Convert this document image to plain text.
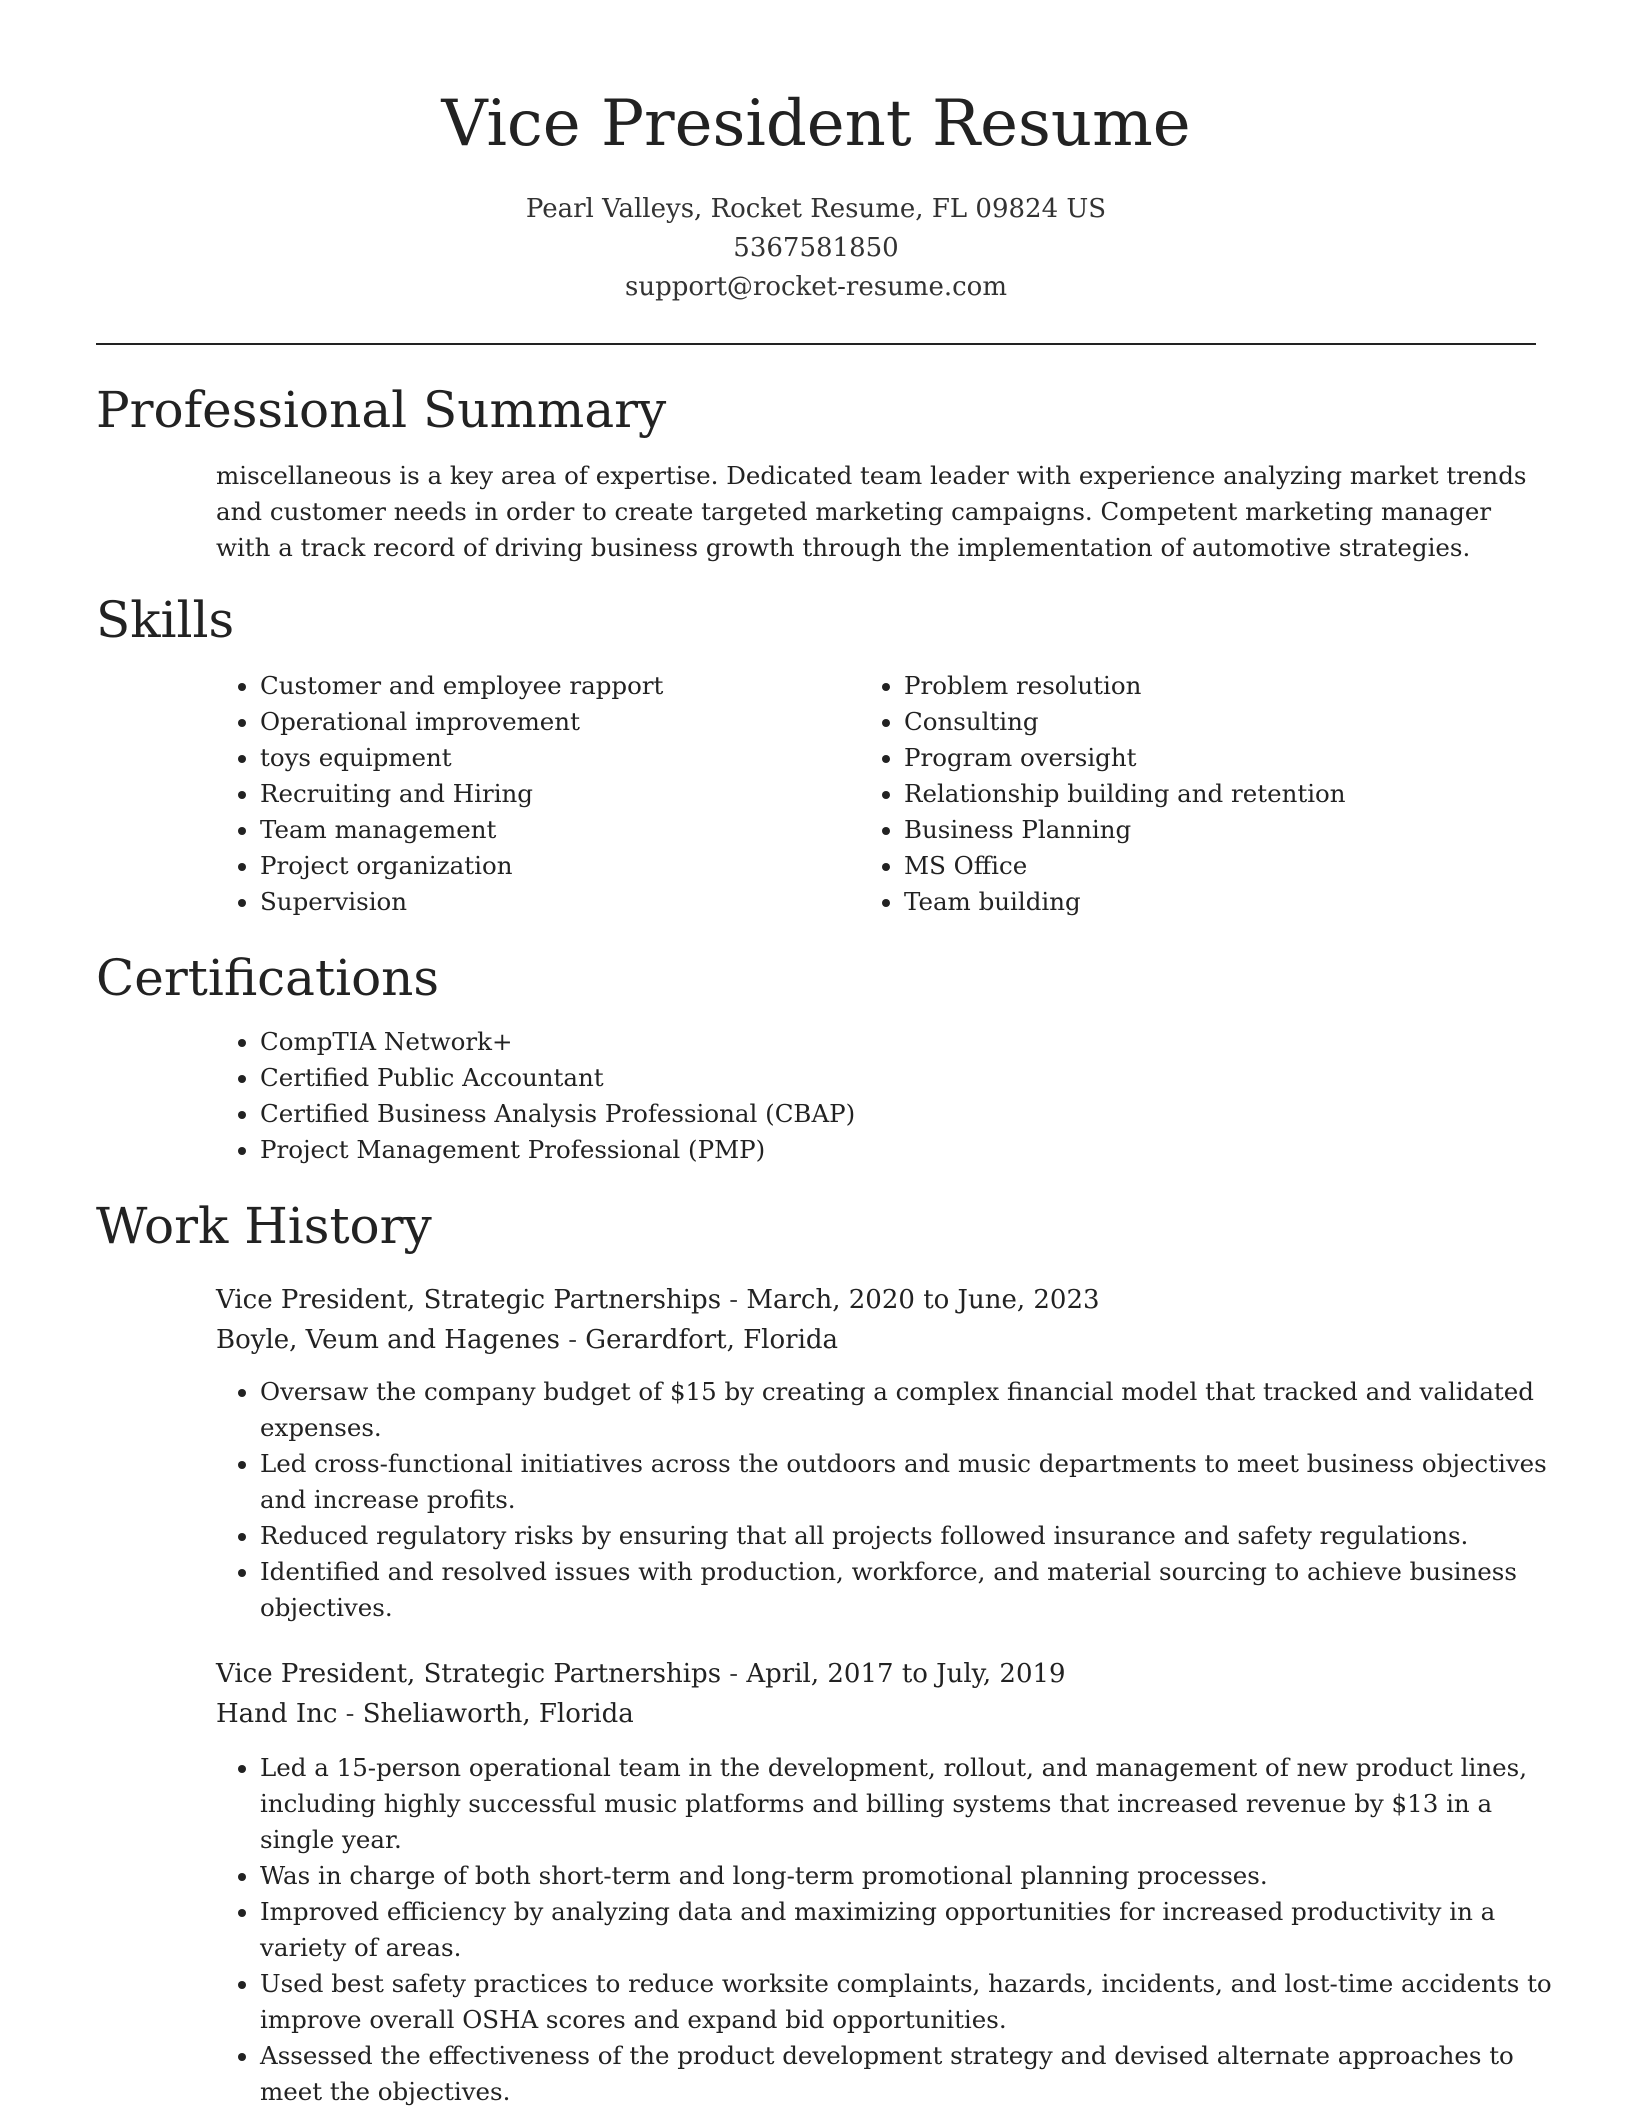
Vice President Resume
Pearl Valleys, Rocket Resume, FL 09824 US
5367581850
support@rocket-resume.com
Professional Summary

miscellaneous is a key area of expertise. Dedicated team leader with experience analyzing market trends and customer needs in order to create targeted marketing campaigns. Competent marketing manager with a track record of driving business growth through the implementation of automotive strategies.

Skills
• Customer and employee rapport
• Operational improvement
• toys equipment
• Recruiting and Hiring
• Team management
• Project organization
• Supervision
• Problem resolution
• Consulting
• Program oversight
• Relationship building and retention
• Business Planning
• MS Office
• Team building
Certifications
• CompTIA Network+
• Certified Public Accountant
• Certified Business Analysis Professional (CBAP)
• Project Management Professional (PMP)
Work History
Vice President, Strategic Partnerships - March, 2020 to June, 2023
Boyle, Veum and Hagenes - Gerardfort, Florida
• Oversaw the company budget of $15 by creating a complex financial model that tracked and validated expenses.
• Led cross-functional initiatives across the outdoors and music departments to meet business objectives and increase profits.
• Reduced regulatory risks by ensuring that all projects followed insurance and safety regulations.
• Identified and resolved issues with production, workforce, and material sourcing to achieve business objectives.
Vice President, Strategic Partnerships - April, 2017 to July, 2019
Hand Inc - Sheliaworth, Florida
• Led a 15-person operational team in the development, rollout, and management of new product lines, including highly successful music platforms and billing systems that increased revenue by $13 in a single year.
• Was in charge of both short-term and long-term promotional planning processes.
• Improved efficiency by analyzing data and maximizing opportunities for increased productivity in a variety of areas.
• Used best safety practices to reduce worksite complaints, hazards, incidents, and lost-time accidents to improve overall OSHA scores and expand bid opportunities.
• Assessed the effectiveness of the product development strategy and devised alternate approaches to meet the objectives.
